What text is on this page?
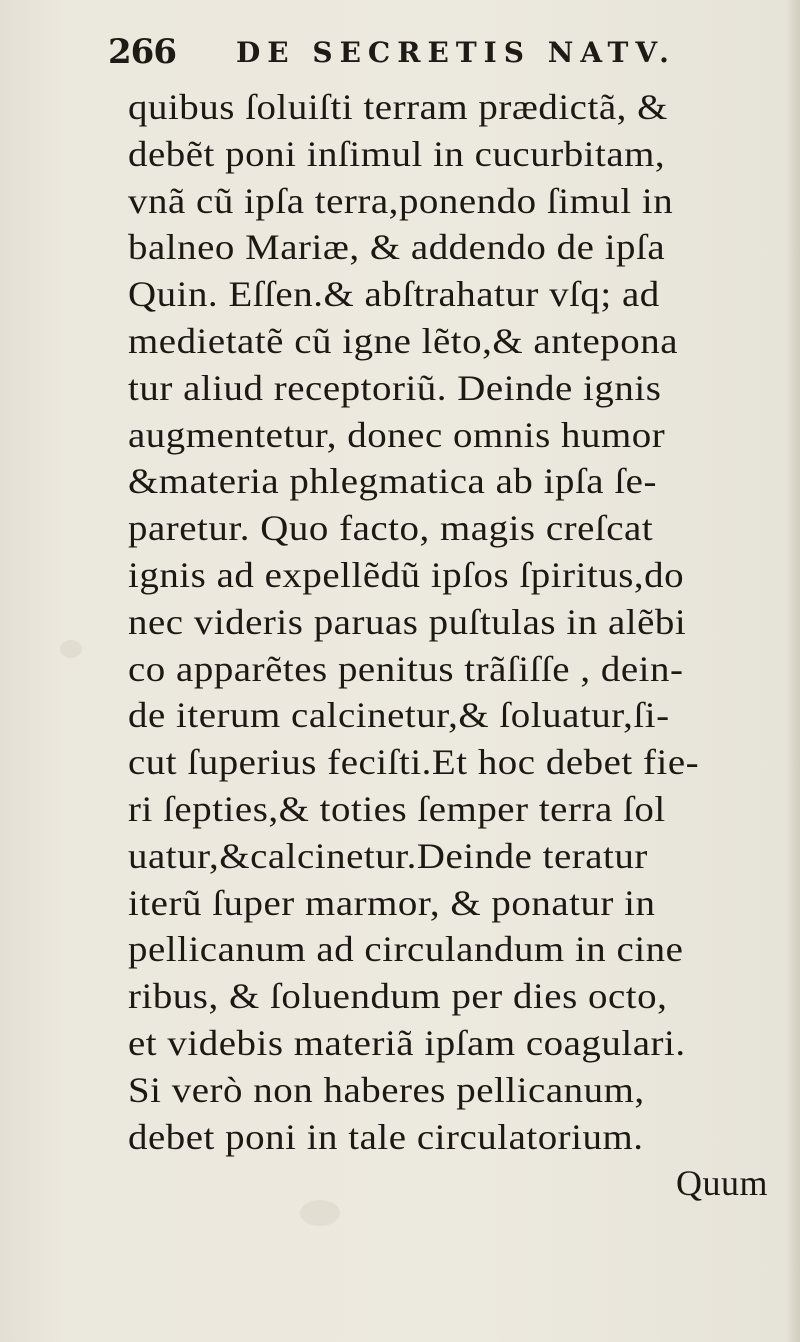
266 DE SECRETIS NATV.
quibus ſoluiſti terram prædictã, &
debẽt poni inſimul in cucurbitam,
vnã cũ ipſa terra,ponendo ſimul in
balneo Mariæ, & addendo de ipſa
Quin. Eſſen.& abſtrahatur vſq; ad
medietatẽ cũ igne lẽto,& antepona
tur aliud receptoriũ. Deinde ignis
augmentetur, donec omnis humor
&materia phlegmatica ab ipſa ſe-
paretur. Quo facto, magis creſcat
ignis ad expellẽdũ ipſos ſpiritus,do
nec videris paruas puſtulas in alẽbi
co apparẽtes penitus trãſiſſe , dein-
de iterum calcinetur,& ſoluatur,ſi-
cut ſuperius feciſti.Et hoc debet fie-
ri ſepties,& toties ſemper terra ſol
uatur,&calcinetur.Deinde teratur
iterũ ſuper marmor, & ponatur in
pellicanum ad circulandum in cine
ribus, & ſoluendum per dies octo,
et videbis materiã ipſam coagulari.
Si verò non haberes pellicanum,
debet poni in tale circulatorium.
Quum
